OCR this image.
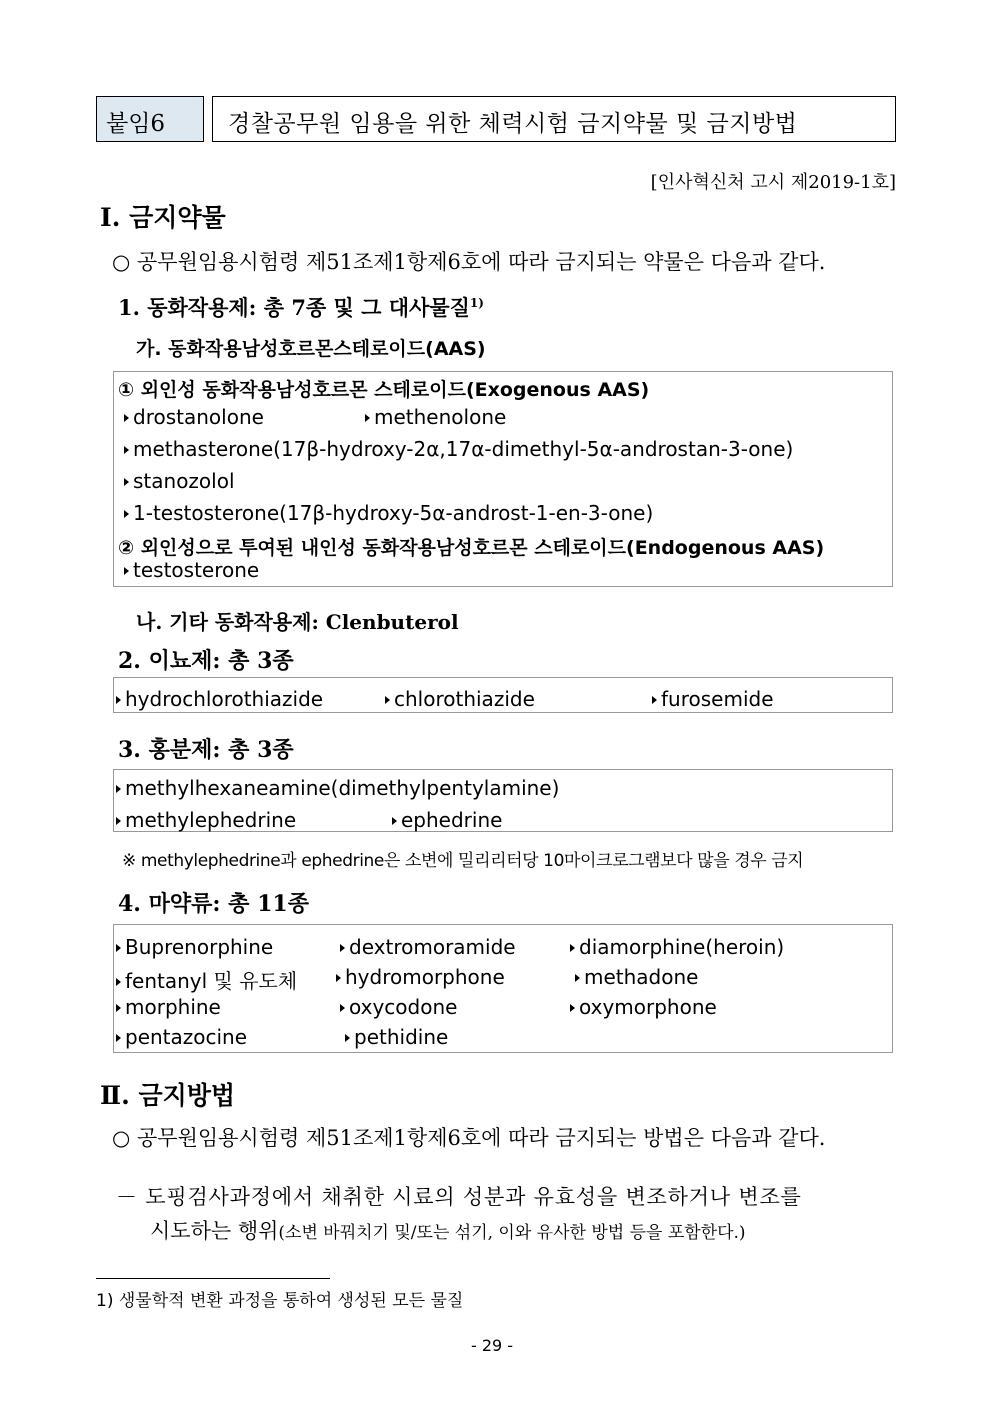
붙임6	경찰공무원 임용을 위한 체력시험 금지약물 및 금지방법
[인사혁신처 고시 제2019-1호]
Ⅰ. 금지약물
○ 공무원임용시험령 제51조제1항제6호에 따라 금지되는 약물은 다음과 같다.
1. 동화작용제: 총 7종 및 그 대사물질$^{1)}$
가. 동화작용남성호르몬스테로이드(AAS)
① 외인성 동화작용남성호르몬 스테로이드(Exogenous AAS)
drostanolone	methenolone
methasterone(17β-hydroxy-2α,17α-dimethyl-5α-androstan-3-one)
stanozolol
1-testosterone(17β-hydroxy-5α-androst-1-en-3-one)
② 외인성으로 투여된 내인성 동화작용남성호르몬 스테로이드(Endogenous AAS)
testosterone
나. 기타 동화작용제: Clenbuterol
2. 이뇨제: 총 3종
hydrochlorothiazide	chlorothiazide	furosemide
3. 홍분제: 총 3종
methylhexaneamine(dimethylpentylamine)
methylephedrine	ephedrine
※ methylephedrine과 ephedrine은 소변에 밀리리터당 10마이크로그램보다 많을 경우 금지
4. 마약류: 총 11종
Buprenorphine	dextromoramide	diamorphine(heroin)
fentanyl 및 유도체	hydromorphone	methadone
morphine	oxycodone	oxymorphone
pentazocine	pethidine
Ⅱ. 금지방법
○ 공무원임용시험령 제51조제1항제6호에 따라 금지되는 방법은 다음과 같다.
－ 도핑검사과정에서 채취한 시료의 성분과 유효성을 변조하거나 변조를
시도하는 행위(소변 바꿔치기 및/또는 섞기, 이와 유사한 방법 등을 포함한다.)
1) 생물학적 변환 과정을 통하여 생성된 모든 물질
- 29 -
